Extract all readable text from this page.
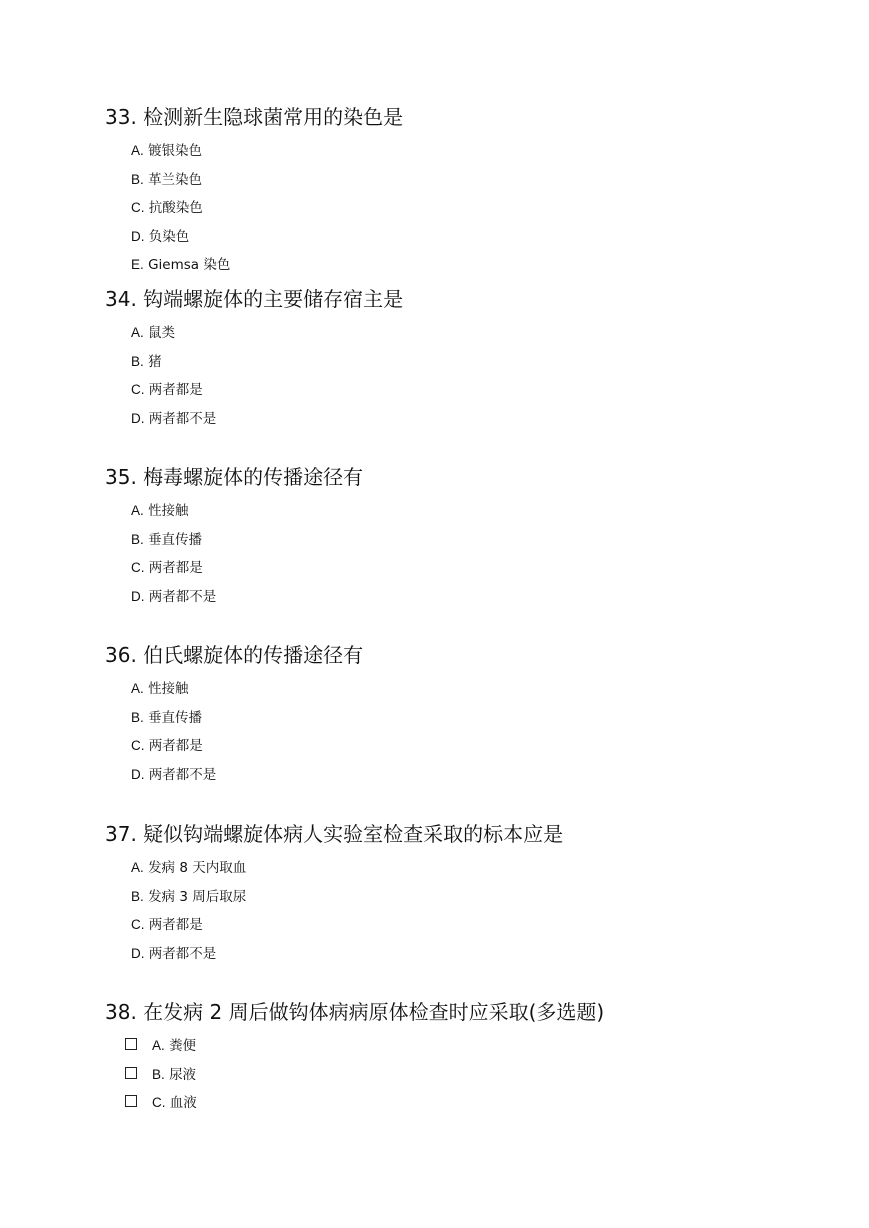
33. 检测新生隐球菌常用的染色是
A. 镀银染色
B. 革兰染色
C. 抗酸染色
D. 负染色
E. Giemsa 染色
34. 钩端螺旋体的主要储存宿主是
A. 鼠类
B. 猪
C. 两者都是
D. 两者都不是
35. 梅毒螺旋体的传播途径有
A. 性接触
B. 垂直传播
C. 两者都是
D. 两者都不是
36. 伯氏螺旋体的传播途径有
A. 性接触
B. 垂直传播
C. 两者都是
D. 两者都不是
37. 疑似钩端螺旋体病人实验室检查采取的标本应是
A. 发病 8 天内取血
B. 发病 3 周后取尿
C. 两者都是
D. 两者都不是
38. 在发病 2 周后做钩体病病原体检查时应采取(多选题)
A. 粪便
B. 尿液
C. 血液
